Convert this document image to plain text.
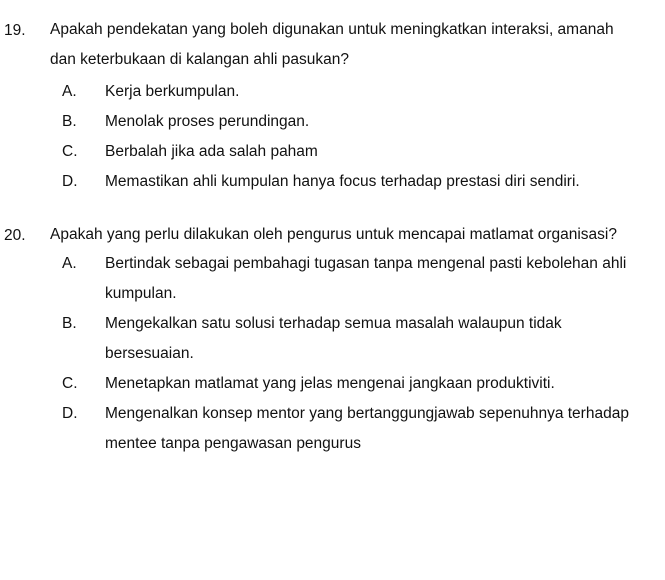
19. Apakah pendekatan yang boleh digunakan untuk meningkatkan interaksi, amanah
dan keterbukaan di kalangan ahli pasukan?
A. Kerja berkumpulan.
B. Menolak proses perundingan.
C. Berbalah jika ada salah paham
D. Memastikan ahli kumpulan hanya focus terhadap prestasi diri sendiri.
20. Apakah yang perlu dilakukan oleh pengurus untuk mencapai matlamat organisasi?
A. Bertindak sebagai pembahagi tugasan tanpa mengenal pasti kebolehan ahli
kumpulan.
B. Mengekalkan satu solusi terhadap semua masalah walaupun tidak
bersesuaian.
C. Menetapkan matlamat yang jelas mengenai jangkaan produktiviti.
D. Mengenalkan konsep mentor yang bertanggungjawab sepenuhnya terhadap
mentee tanpa pengawasan pengurus
